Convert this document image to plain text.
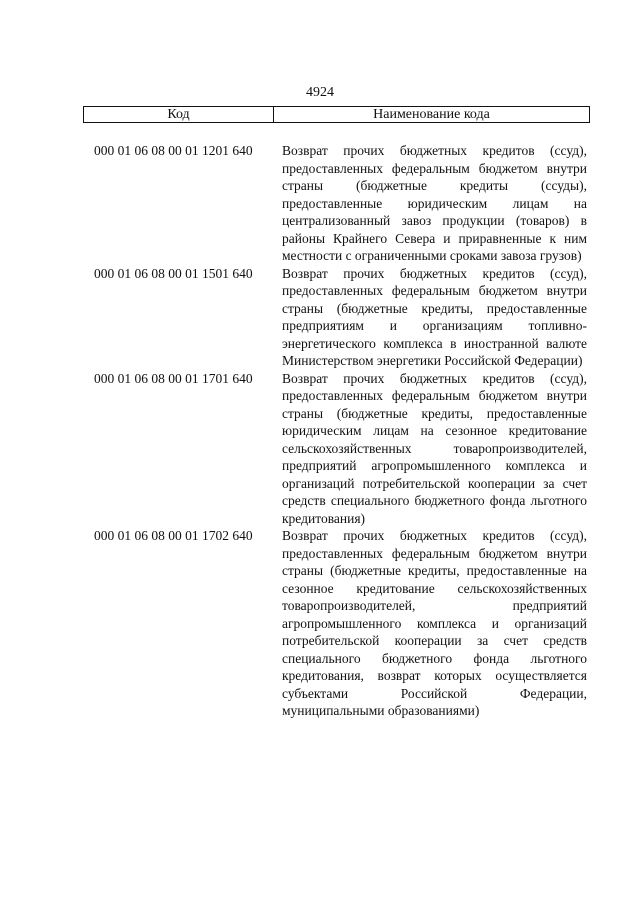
4924
Код	Наименование кода
000 01 06 08 00 01 1201 640	Возврат прочих бюджетных кредитов (ссуд), предоставленных федеральным бюджетом внутри страны (бюджетные кредиты (ссуды), предоставленные юридическим лицам на централизованный завоз продукции (товаров) в районы Крайнего Севера и приравненные к ним местности с ограниченными сроками завоза грузов)
000 01 06 08 00 01 1501 640	Возврат прочих бюджетных кредитов (ссуд), предоставленных федеральным бюджетом внутри страны (бюджетные кредиты, предоставленные предприятиям и организациям топливно-энергетического комплекса в иностранной валюте Министерством энергетики Российской Федерации)
000 01 06 08 00 01 1701 640	Возврат прочих бюджетных кредитов (ссуд), предоставленных федеральным бюджетом внутри страны (бюджетные кредиты, предоставленные юридическим лицам на сезонное кредитование сельскохозяйственных товаропроизводителей, предприятий агропромышленного комплекса и организаций потребительской кооперации за счет средств специального бюджетного фонда льготного кредитования)
000 01 06 08 00 01 1702 640	Возврат прочих бюджетных кредитов (ссуд), предоставленных федеральным бюджетом внутри страны (бюджетные кредиты, предоставленные на сезонное кредитование сельскохозяйственных товаропроизводителей, предприятий агропромышленного комплекса и организаций потребительской кооперации за счет средств специального бюджетного фонда льготного кредитования, возврат которых осуществляется субъектами Российской Федерации, муниципальными образованиями)
